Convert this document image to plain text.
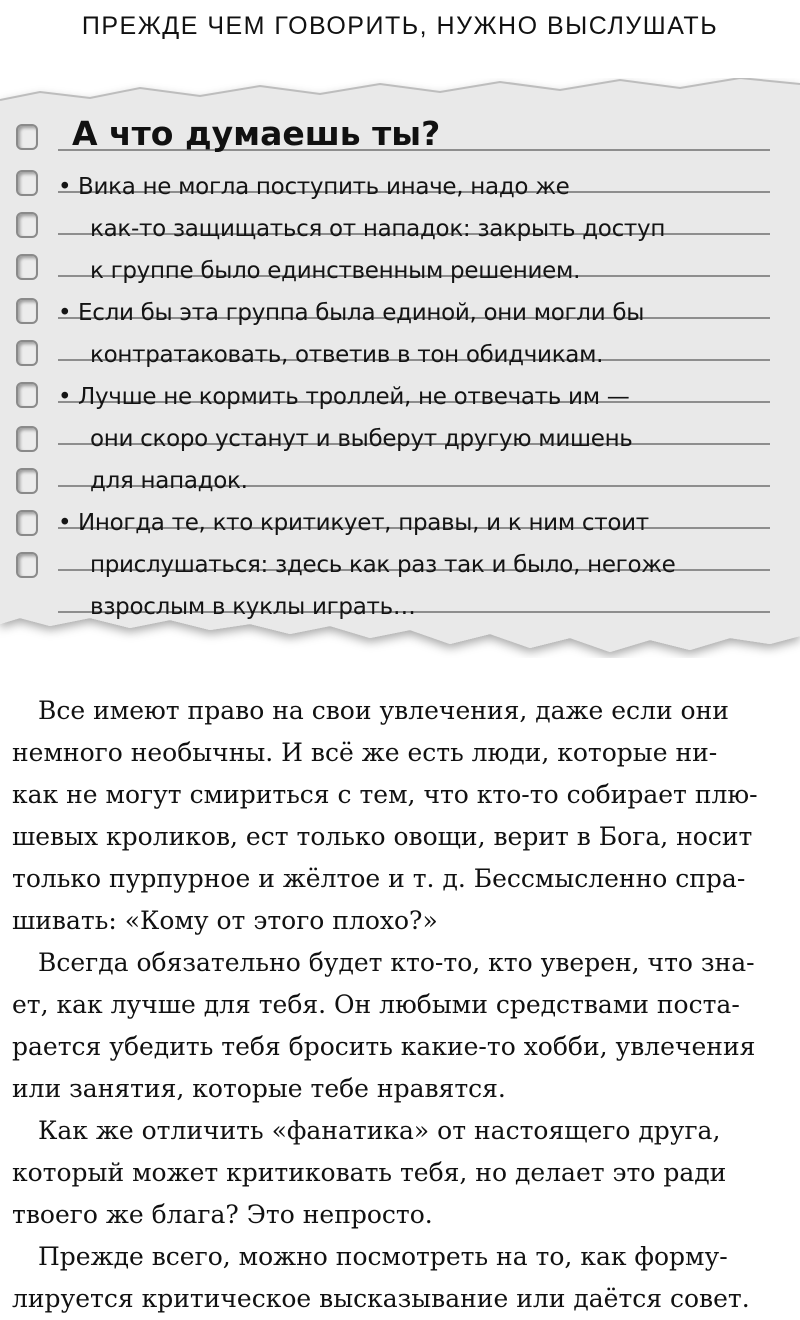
ПРЕЖДЕ ЧЕМ ГОВОРИТЬ, НУЖНО ВЫСЛУШАТЬ
А что думаешь ты?
• Вика не могла поступить иначе, надо же
как-то защищаться от нападок: закрыть доступ
к группе было единственным решением.
• Если бы эта группа была единой, они могли бы
контратаковать, ответив в тон обидчикам.
• Лучше не кормить троллей, не отвечать им —
они скоро устанут и выберут другую мишень
для нападок.
• Иногда те, кто критикует, правы, и к ним стоит
прислушаться: здесь как раз так и было, негоже
взрослым в куклы играть…
Все имеют право на свои увлечения, даже если они
немного необычны. И всё же есть люди, которые ни-
как не могут смириться с тем, что кто-то собирает плю-
шевых кроликов, ест только овощи, верит в Бога, носит
только пурпурное и жёлтое и т. д. Бессмысленно спра-
шивать: «Кому от этого плохо?»
Всегда обязательно будет кто-то, кто уверен, что зна-
ет, как лучше для тебя. Он любыми средствами поста-
рается убедить тебя бросить какие-то хобби, увлечения
или занятия, которые тебе нравятся.
Как же отличить «фанатика» от настоящего друга,
который может критиковать тебя, но делает это ради
твоего же блага? Это непросто.
Прежде всего, можно посмотреть на то, как форму-
лируется критическое высказывание или даётся совет.
